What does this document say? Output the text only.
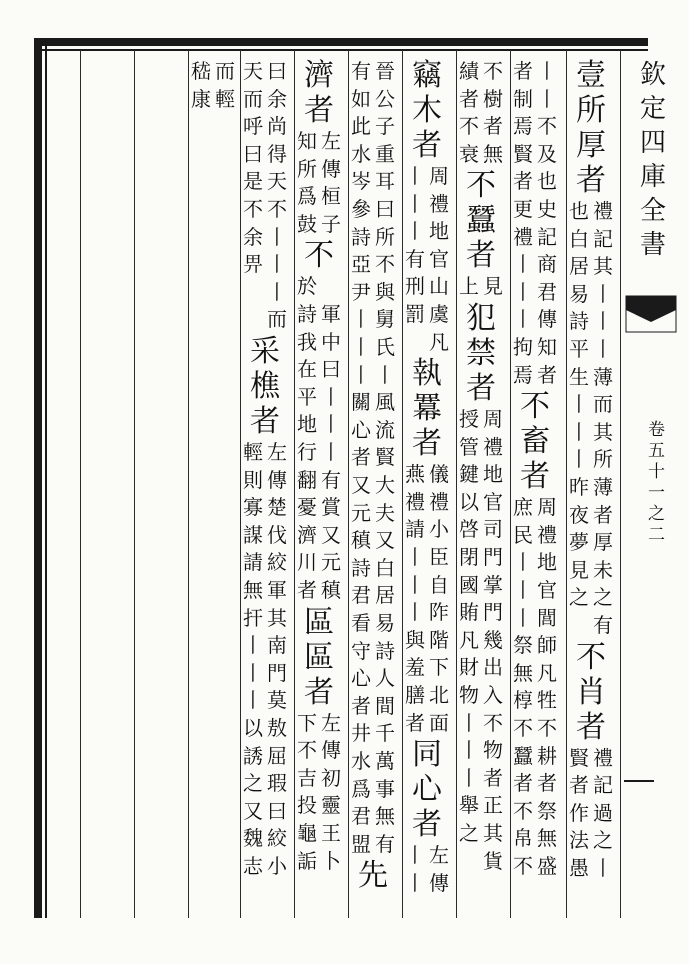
欽
定
四
庫
全
書
卷
五
十
一
之
二
壹
所
厚
者
禮
也
記
白
其
居
丨
易
丨
詩
丨
平
薄
生
而
丨
其
丨
所
丨
薄
昨
者
夜
厚
夢
未
見
之
之
有
不
肖
者
禮
賢
記
者
過
作
之
法
丨
愚
丨
者
丨
制
不
焉
及
賢
也
者
史
更
記
禮
商
丨
君
丨
傳
丨
知
拘
者
焉
不
畜
者
周
庶
禮
民
地
丨
官
丨
閭
丨
師
祭
凡
無
牲
椁
不
不
耕
蠶
者
者
祭
不
無
帛
盛
不
不
績
樹
者
者
不
無
衰
不
蠶
者
見
上
犯
禁
者
周
授
禮
管
地
鍵
官
以
司
啓
門
閉
掌
國
門
賄
幾
凡
出
財
入
物
不
丨
物
丨
者
丨
正
舉
其
之
貨
竊
木
者
周
丨
禮
丨
地
丨
官
有
山
刑
虞
罰
凡
執
羃
者
儀
燕
禮
禮
小
請
臣
丨
自
丨
阼
丨
階
與
下
羞
北
膳
面
者
同
心
者
左
丨
傳
丨
晉
有
公
如
子
此
重
水
耳
岑
曰
參
所
詩
不
亞
與
尹
舅
丨
氏
丨
丨
丨
風
關
流
心
賢
者
大
又
夫
元
又
稹
白
詩
居
君
易
看
詩
守
人
心
間
者
千
井
萬
水
事
爲
無
君
有
盟
先
濟
者
左
知
傳
所
桓
爲
子
鼓
不
於
軍
詩
中
我
曰
在
丨
平
丨
地
丨
行
有
翻
賞
憂
又
濟
元
川
稹
者
區
區
者
左
下
傳
不
初
吉
靈
投
王
龜
卜
詬
曰
天
余
而
尚
呼
得
曰
天
是
不
不
丨
余
丨
畀
丨
而
采
樵
者
左
輕
傳
則
楚
寡
伐
謀
絞
請
軍
無
其
扞
南
丨
門
丨
莫
丨
敖
以
屈
誘
瑕
之
曰
又
絞
魏
小
志
而
嵇
輕
康
